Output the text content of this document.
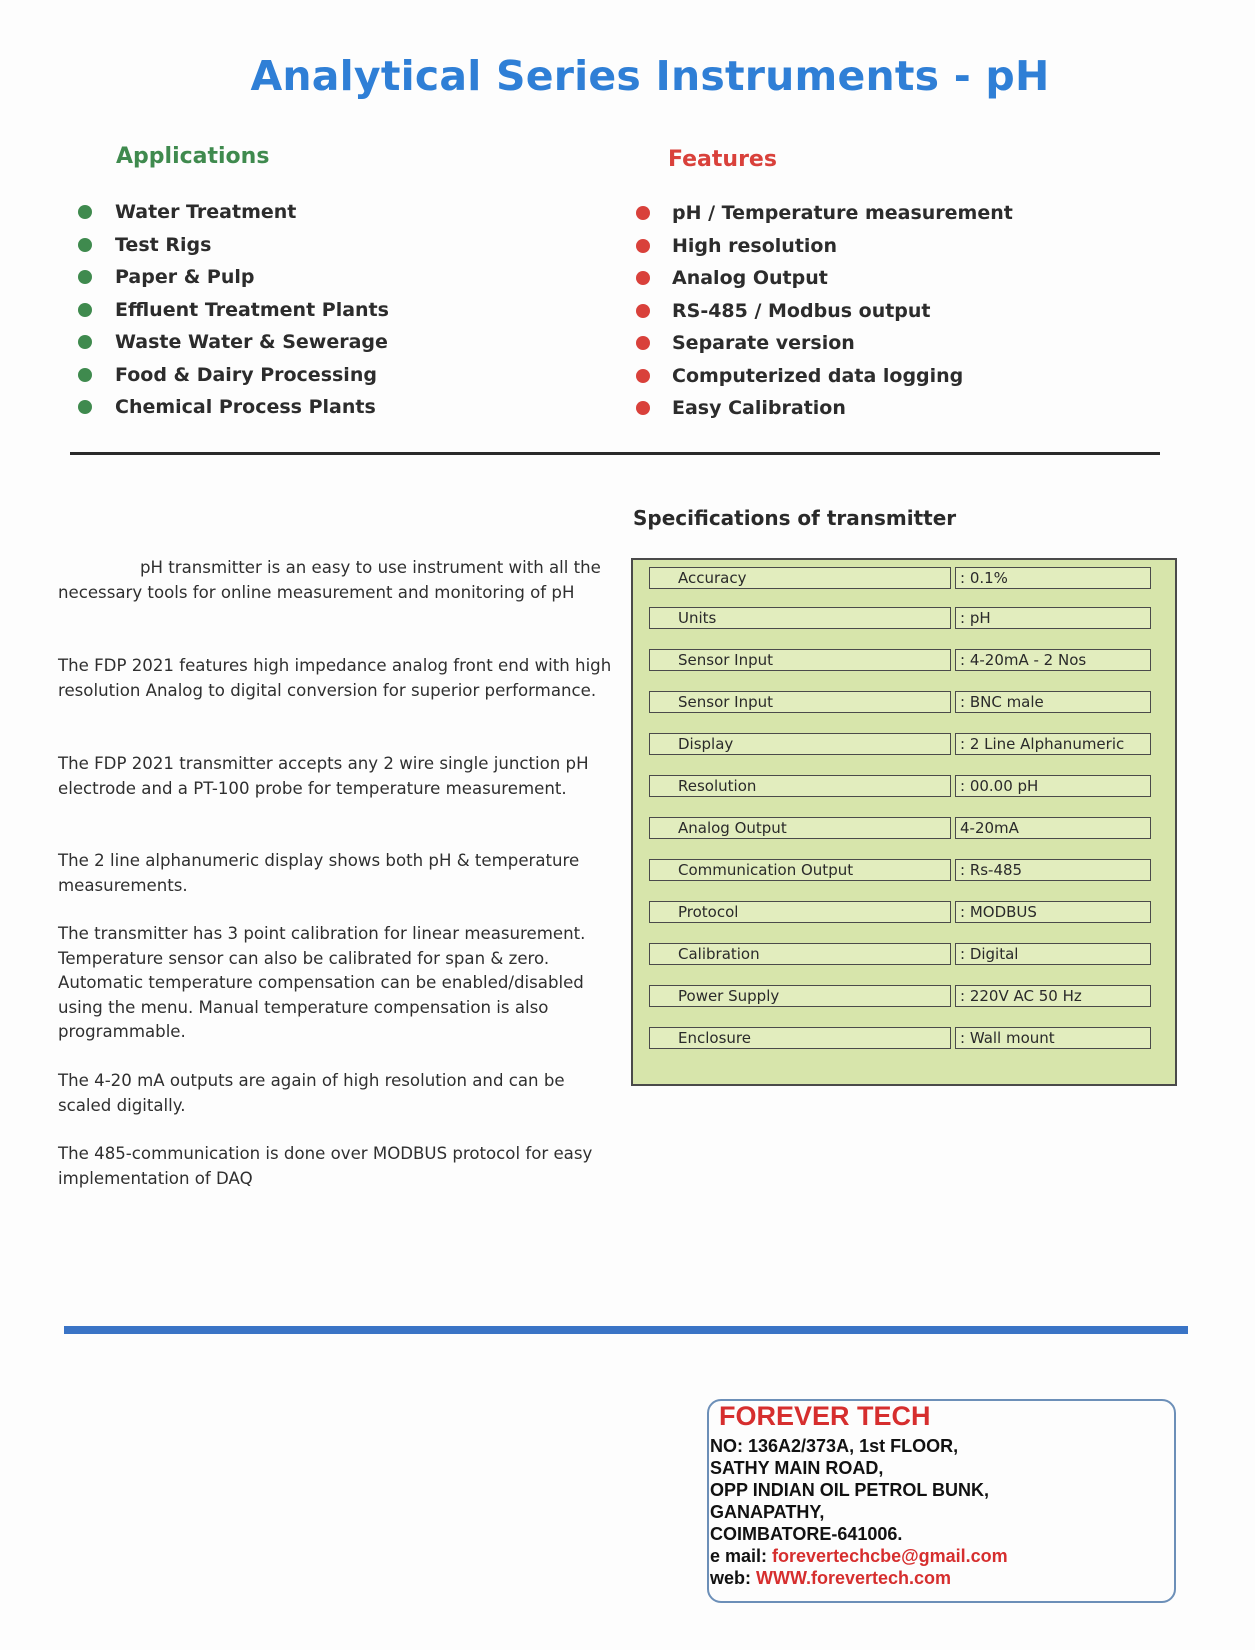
Analytical Series Instruments - pH
Applications	Features
Water Treatment
Test Rigs
Paper & Pulp
Effluent Treatment Plants
Waste Water & Sewerage
Food & Dairy Processing
Chemical Process Plants
pH / Temperature measurement
High resolution
Analog Output
RS-485 / Modbus output
Separate version
Computerized data logging
Easy Calibration
Specifications of transmitter

pH transmitter is an easy to use instrument with all the necessary tools for online measurement and monitoring of pH

The FDP 2021 features high impedance analog front end with high resolution Analog to digital conversion for superior performance.

The FDP 2021 transmitter accepts any 2 wire single junction pH electrode and a PT-100 probe for temperature measurement.

The 2 line alphanumeric display shows both pH & temperature measurements.

The transmitter has 3 point calibration for linear measurement. Temperature sensor can also be calibrated for span & zero. Automatic temperature compensation can be enabled/disabled using the menu. Manual temperature compensation is also programmable.

The 4-20 mA outputs are again of high resolution and can be scaled digitally.

The 485-communication is done over MODBUS protocol for easy implementation of DAQ

Accuracy	: 0.1%
Units	: pH
Sensor Input	: 4-20mA - 2 Nos
Sensor Input	: BNC male
Display	: 2 Line Alphanumeric
Resolution	: 00.00 pH
Analog Output	4-20mA
Communication Output	: Rs-485
Protocol	: MODBUS
Calibration	: Digital
Power Supply	: 220V AC 50 Hz
Enclosure	: Wall mount
FOREVER TECH
NO: 136A2/373A, 1st FLOOR,
SATHY MAIN ROAD,
OPP INDIAN OIL PETROL BUNK,
GANAPATHY,
COIMBATORE-641006.
e mail: forevertechcbe@gmail.com
web: WWW.forevertech.com
